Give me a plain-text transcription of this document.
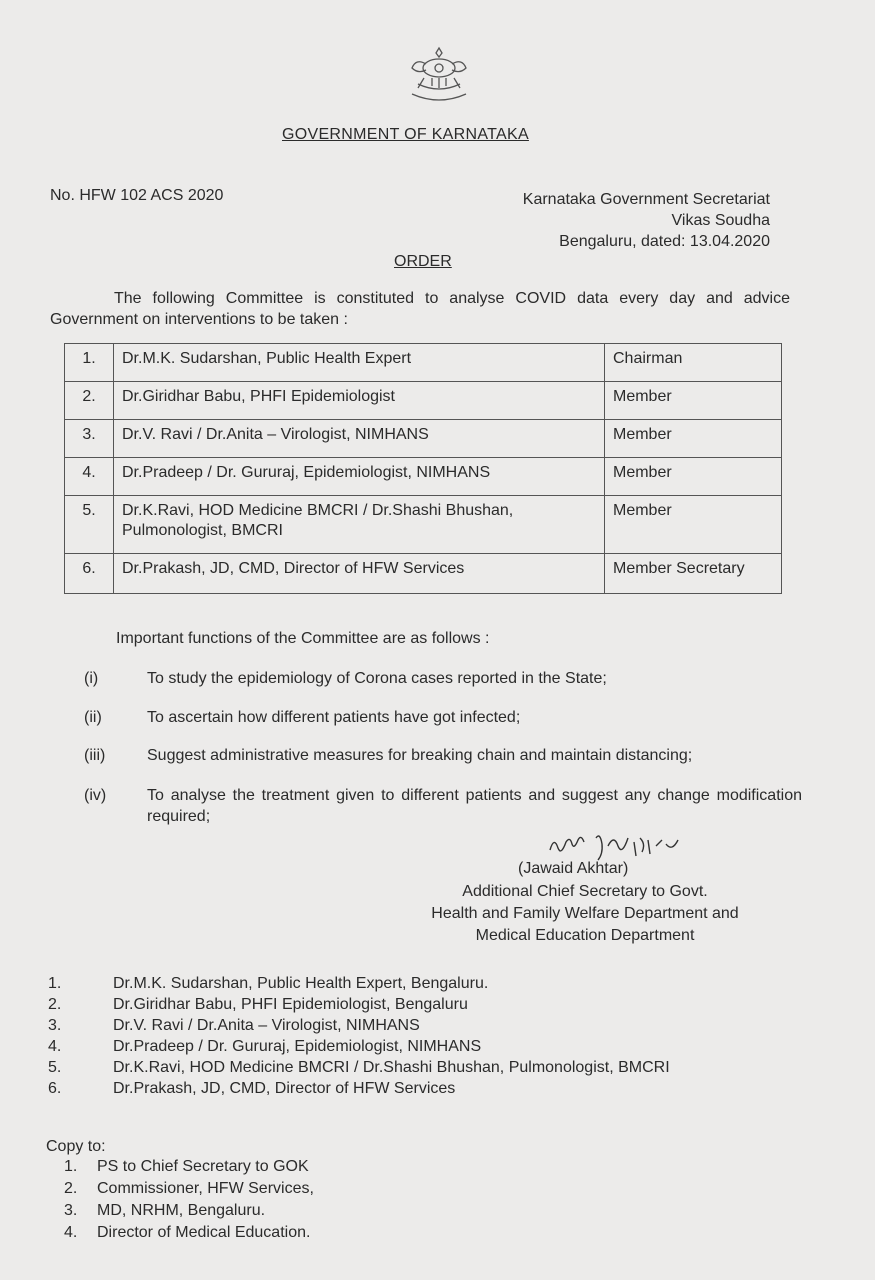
GOVERNMENT OF KARNATAKA
No. HFW 102 ACS 2020	Karnataka Government Secretariat
Vikas Soudha
Bengaluru, dated: 13.04.2020
ORDER

The following Committee is constituted to analyse COVID data every day and advice Government on interventions to be taken :

1.	Dr.M.K. Sudarshan, Public Health Expert	Chairman
2.	Dr.Giridhar Babu, PHFI Epidemiologist	Member
3.	Dr.V. Ravi / Dr.Anita – Virologist, NIMHANS	Member
4.	Dr.Pradeep / Dr. Gururaj, Epidemiologist, NIMHANS	Member
5.	Dr.K.Ravi, HOD Medicine BMCRI / Dr.Shashi Bhushan, Pulmonologist, BMCRI	Member
6.	Dr.Prakash, JD, CMD, Director of HFW Services	Member Secretary
Important functions of the Committee are as follows :
(i)	To study the epidemiology of Corona cases reported in the State;
(ii)	To ascertain how different patients have got infected;
(iii)	Suggest administrative measures for breaking chain and maintain distancing;
(iv)	To analyse the treatment given to different patients and suggest any change modification required;
(Jawaid Akhtar)
Additional Chief Secretary to Govt.
Health and Family Welfare Department and
Medical Education Department
1.	Dr.M.K. Sudarshan, Public Health Expert, Bengaluru.
2.	Dr.Giridhar Babu, PHFI Epidemiologist, Bengaluru
3.	Dr.V. Ravi / Dr.Anita – Virologist, NIMHANS
4.	Dr.Pradeep / Dr. Gururaj, Epidemiologist, NIMHANS
5.	Dr.K.Ravi, HOD Medicine BMCRI / Dr.Shashi Bhushan, Pulmonologist, BMCRI
6.	Dr.Prakash, JD, CMD, Director of HFW Services
Copy to:
1. PS to Chief Secretary to GOK
2. Commissioner, HFW Services,
3. MD, NRHM, Bengaluru.
4. Director of Medical Education.
